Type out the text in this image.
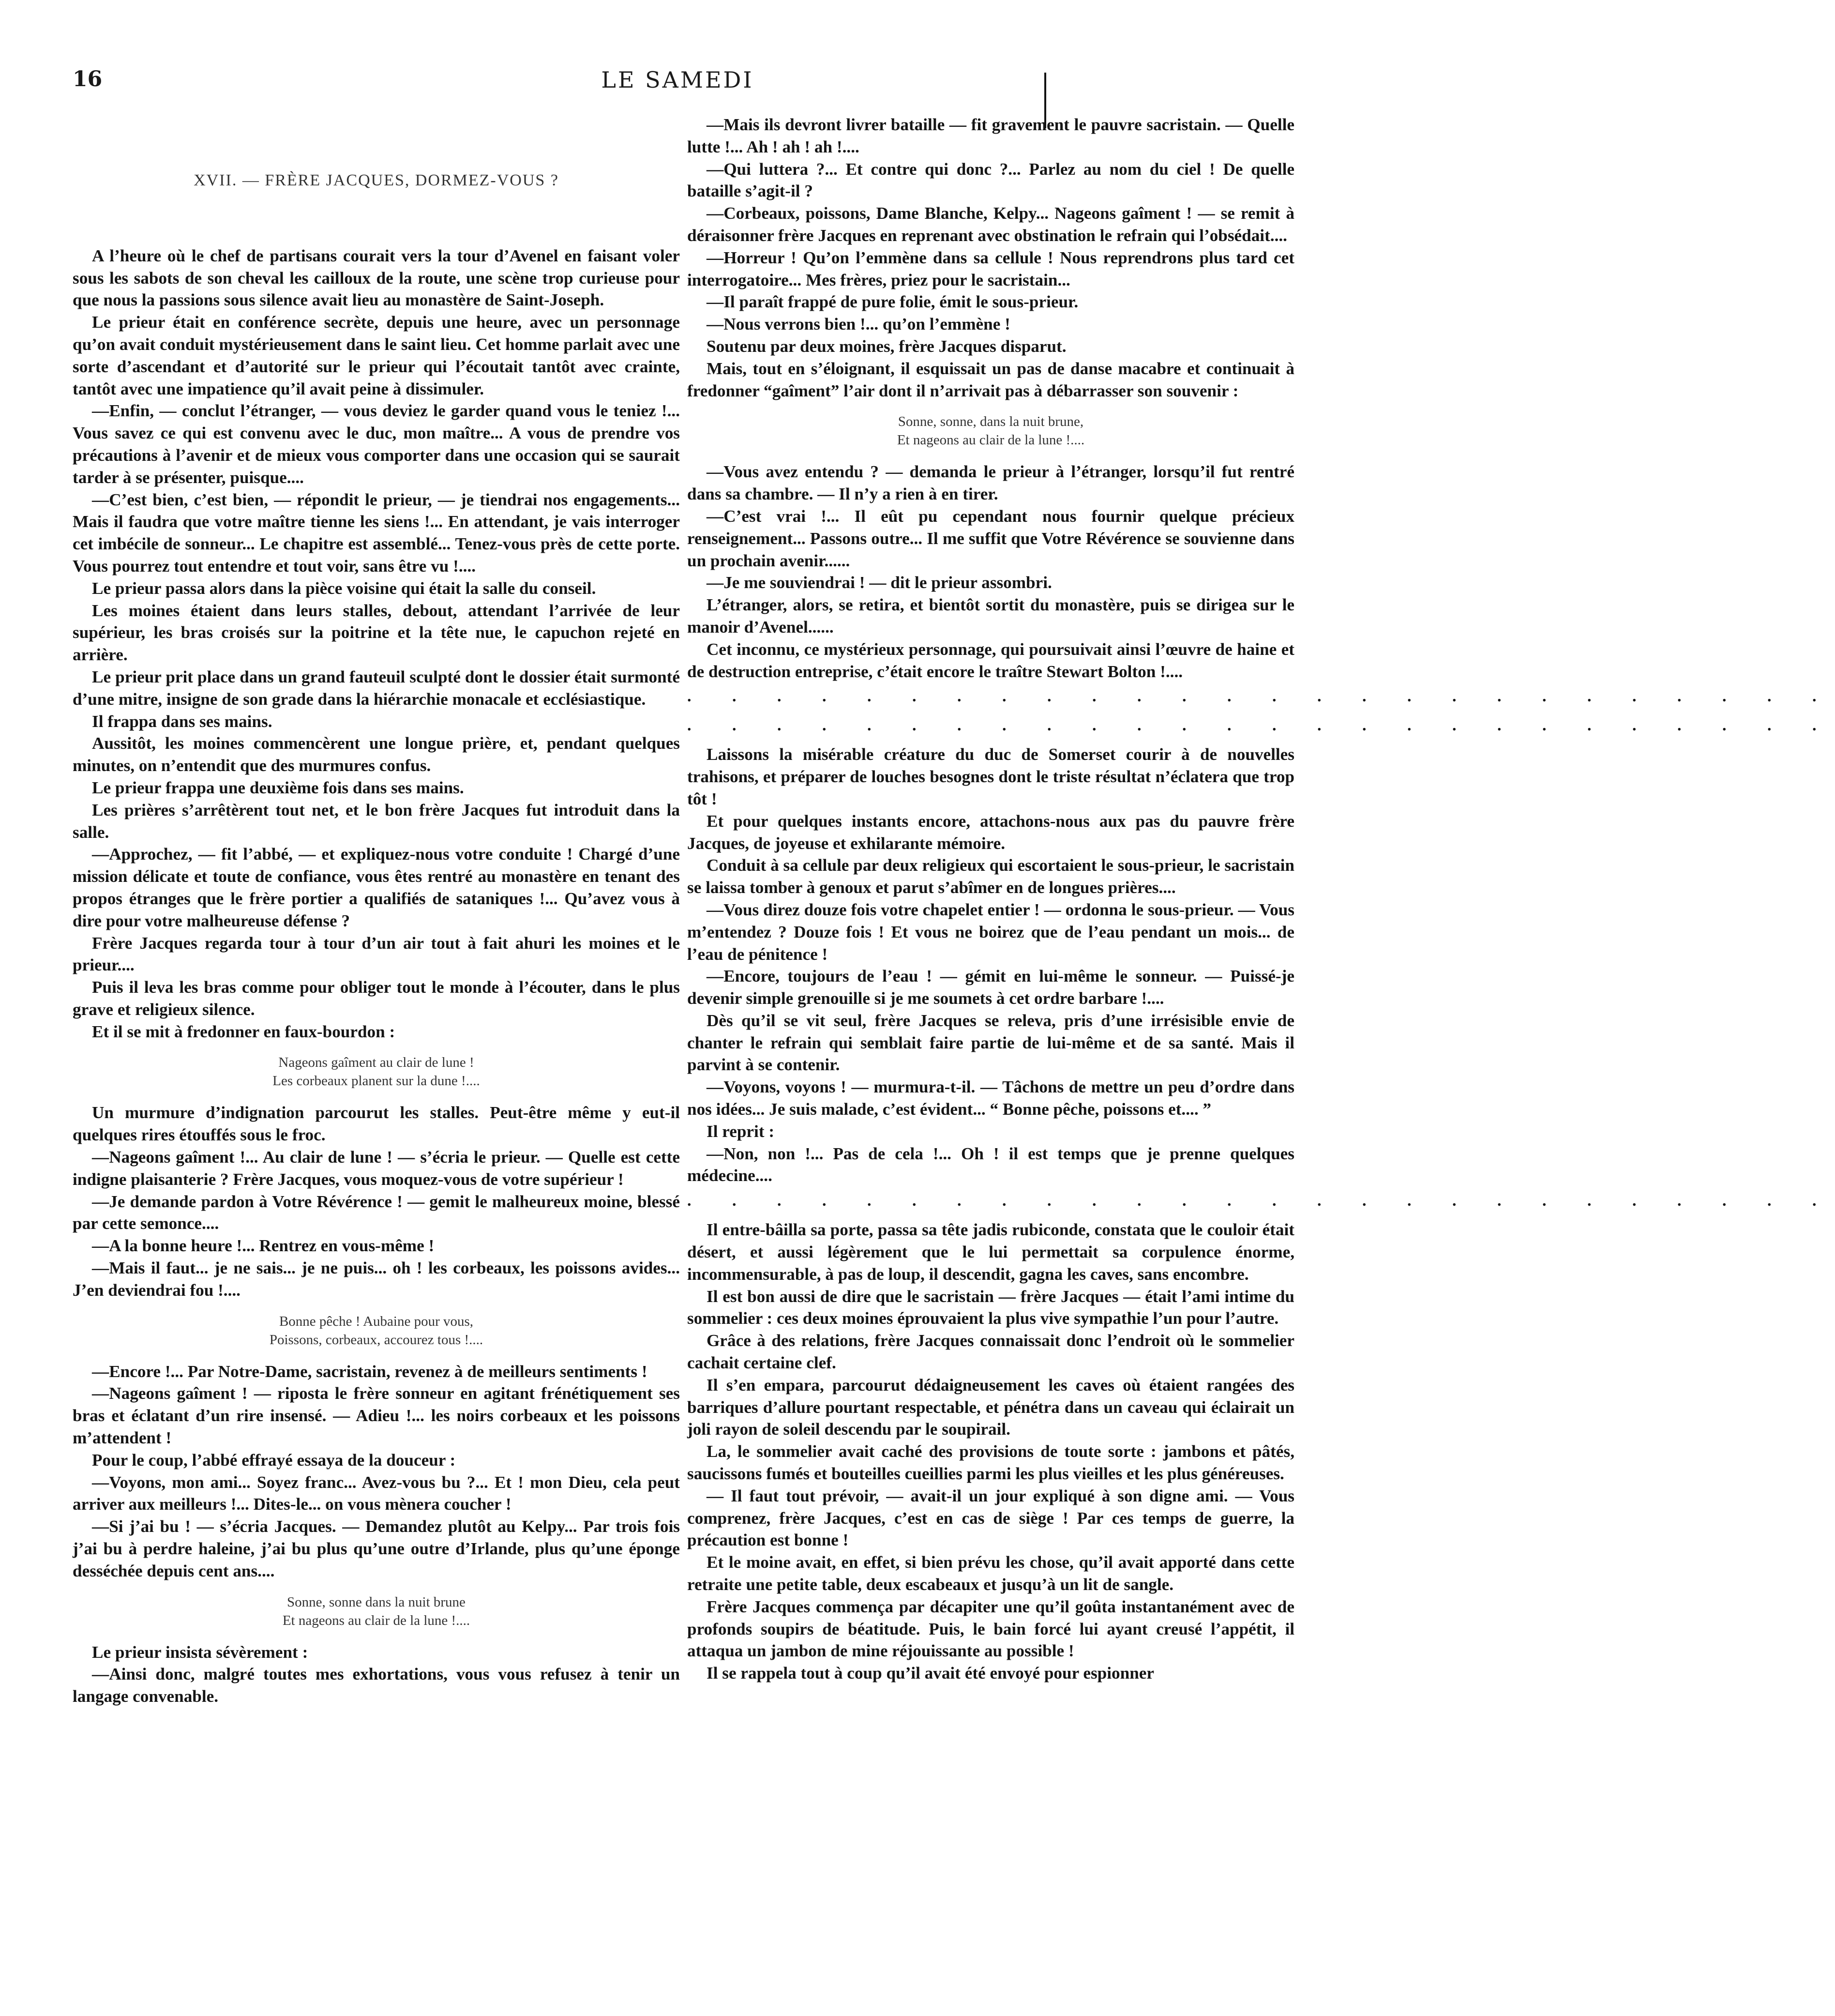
16	LE SAMEDI
XVII. — FRÈRE JACQUES, DORMEZ-VOUS ?

A l’heure où le chef de partisans courait vers la tour d’Avenel en faisant voler sous les sabots de son cheval les cailloux de la route, une scène trop curieuse pour que nous la passions sous silence avait lieu au monastère de Saint-Joseph.

Le prieur était en conférence secrète, depuis une heure, avec un personnage qu’on avait conduit mystérieusement dans le saint lieu. Cet homme parlait avec une sorte d’ascendant et d’autorité sur le prieur qui l’écoutait tantôt avec crainte, tantôt avec une impatience qu’il avait peine à dissimuler.

—Enfin, — conclut l’étranger, — vous deviez le garder quand vous le teniez !... Vous savez ce qui est convenu avec le duc, mon maître... A vous de prendre vos précautions à l’avenir et de mieux vous comporter dans une occasion qui se saurait tarder à se présenter, puisque....

—C’est bien, c’est bien, — répondit le prieur, — je tiendrai nos engagements... Mais il faudra que votre maître tienne les siens !... En attendant, je vais interroger cet imbécile de sonneur... Le chapitre est assemblé... Tenez-vous près de cette porte. Vous pourrez tout entendre et tout voir, sans être vu !....

Le prieur passa alors dans la pièce voisine qui était la salle du conseil.

Les moines étaient dans leurs stalles, debout, attendant l’arrivée de leur supérieur, les bras croisés sur la poitrine et la tête nue, le capuchon rejeté en arrière.

Le prieur prit place dans un grand fauteuil sculpté dont le dossier était surmonté d’une mitre, insigne de son grade dans la hiérarchie monacale et ecclésiastique.

Il frappa dans ses mains.

Aussitôt, les moines commencèrent une longue prière, et, pendant quelques minutes, on n’entendit que des murmures confus.

Le prieur frappa une deuxième fois dans ses mains.

Les prières s’arrêtèrent tout net, et le bon frère Jacques fut introduit dans la salle.

—Approchez, — fit l’abbé, — et expliquez-nous votre conduite ! Chargé d’une mission délicate et toute de confiance, vous êtes rentré au monastère en tenant des propos étranges que le frère portier a qualifiés de sataniques !... Qu’avez vous à dire pour votre malheureuse défense ?

Frère Jacques regarda tour à tour d’un air tout à fait ahuri les moines et le prieur....

Puis il leva les bras comme pour obliger tout le monde à l’écouter, dans le plus grave et religieux silence.

Et il se mit à fredonner en faux-bourdon :

Nageons gaîment au clair de lune !
Les corbeaux planent sur la dune !....

Un murmure d’indignation parcourut les stalles. Peut-être même y eut-il quelques rires étouffés sous le froc.

—Nageons gaîment !... Au clair de lune ! — s’écria le prieur. — Quelle est cette indigne plaisanterie ? Frère Jacques, vous moquez-vous de votre supérieur !

—Je demande pardon à Votre Révérence ! — gemit le malheureux moine, blessé par cette semonce....

—A la bonne heure !... Rentrez en vous-même !

—Mais il faut... je ne sais... je ne puis... oh ! les corbeaux, les poissons avides... J’en deviendrai fou !....

Bonne pêche ! Aubaine pour vous,
Poissons, corbeaux, accourez tous !....

—Encore !... Par Notre-Dame, sacristain, revenez à de meilleurs sentiments !

—Nageons gaîment ! — riposta le frère sonneur en agitant frénétiquement ses bras et éclatant d’un rire insensé. — Adieu !... les noirs corbeaux et les poissons m’attendent !

Pour le coup, l’abbé effrayé essaya de la douceur :

—Voyons, mon ami... Soyez franc... Avez-vous bu ?... Et ! mon Dieu, cela peut arriver aux meilleurs !... Dites-le... on vous mènera coucher !

—Si j’ai bu ! — s’écria Jacques. — Demandez plutôt au Kelpy... Par trois fois j’ai bu à perdre haleine, j’ai bu plus qu’une outre d’Irlande, plus qu’une éponge desséchée depuis cent ans....

Sonne, sonne dans la nuit brune
Et nageons au clair de la lune !....

Le prieur insista sévèrement :

—Ainsi donc, malgré toutes mes exhortations, vous vous refusez à tenir un langage convenable.

—Mais ils devront livrer bataille — fit gravement le pauvre sacristain. — Quelle lutte !... Ah ! ah ! ah !....

—Qui luttera ?... Et contre qui donc ?... Parlez au nom du ciel ! De quelle bataille s’agit-il ?

—Corbeaux, poissons, Dame Blanche, Kelpy... Nageons gaîment ! — se remit à déraisonner frère Jacques en reprenant avec obstination le refrain qui l’obsédait....

—Horreur ! Qu’on l’emmène dans sa cellule ! Nous reprendrons plus tard cet interrogatoire... Mes frères, priez pour le sacristain...

—Il paraît frappé de pure folie, émit le sous-prieur.

—Nous verrons bien !... qu’on l’emmène !

Soutenu par deux moines, frère Jacques disparut.

Mais, tout en s’éloignant, il esquissait un pas de danse macabre et continuait à fredonner “gaîment” l’air dont il n’arrivait pas à débarrasser son souvenir :

Sonne, sonne, dans la nuit brune,
Et nageons au clair de la lune !....

—Vous avez entendu ? — demanda le prieur à l’étranger, lorsqu’il fut rentré dans sa chambre. — Il n’y a rien à en tirer.

—C’est vrai !... Il eût pu cependant nous fournir quelque précieux renseignement... Passons outre... Il me suffit que Votre Révérence se souvienne dans un prochain avenir......

—Je me souviendrai ! — dit le prieur assombri.

L’étranger, alors, se retira, et bientôt sortit du monastère, puis se dirigea sur le manoir d’Avenel......

Cet inconnu, ce mystérieux personnage, qui poursuivait ainsi l’œuvre de haine et de destruction entreprise, c’était encore le traître Stewart Bolton !....

. . . . . . . . . . . . . . . . . . . . . . . . . .
. . . . . . . . . . . . . . . . . . . . . . . . . .

Laissons la misérable créature du duc de Somerset courir à de nouvelles trahisons, et préparer de louches besognes dont le triste résultat n’éclatera que trop tôt !

Et pour quelques instants encore, attachons-nous aux pas du pauvre frère Jacques, de joyeuse et exhilarante mémoire.

Conduit à sa cellule par deux religieux qui escortaient le sous-prieur, le sacristain se laissa tomber à genoux et parut s’abîmer en de longues prières....

—Vous direz douze fois votre chapelet entier ! — ordonna le sous-prieur. — Vous m’entendez ? Douze fois ! Et vous ne boirez que de l’eau pendant un mois... de l’eau de pénitence !

—Encore, toujours de l’eau ! — gémit en lui-même le sonneur. — Puissé-je devenir simple grenouille si je me soumets à cet ordre barbare !....

Dès qu’il se vit seul, frère Jacques se releva, pris d’une irrésisible envie de chanter le refrain qui semblait faire partie de lui-même et de sa santé. Mais il parvint à se contenir.

—Voyons, voyons ! — murmura-t-il. — Tâchons de mettre un peu d’ordre dans nos idées... Je suis malade, c’est évident... “ Bonne pêche, poissons et.... ”

Il reprit :

—Non, non !... Pas de cela !... Oh ! il est temps que je prenne quelques médecine....

. . . . . . . . . . . . . . . . . . . . . . . . . .

Il entre-bâilla sa porte, passa sa tête jadis rubiconde, constata que le couloir était désert, et aussi légèrement que le lui permettait sa corpulence énorme, incommensurable, à pas de loup, il descendit, gagna les caves, sans encombre.

Il est bon aussi de dire que le sacristain — frère Jacques — était l’ami intime du sommelier : ces deux moines éprouvaient la plus vive sympathie l’un pour l’autre.

Grâce à des relations, frère Jacques connaissait donc l’endroit où le sommelier cachait certaine clef.

Il s’en empara, parcourut dédaigneusement les caves où étaient rangées des barriques d’allure pourtant respectable, et pénétra dans un caveau qui éclairait un joli rayon de soleil descendu par le soupirail.

La, le sommelier avait caché des provisions de toute sorte : jambons et pâtés, saucissons fumés et bouteilles cueillies parmi les plus vieilles et les plus généreuses.

— Il faut tout prévoir, — avait-il un jour expliqué à son digne ami. — Vous comprenez, frère Jacques, c’est en cas de siège ! Par ces temps de guerre, la précaution est bonne !

Et le moine avait, en effet, si bien prévu les chose, qu’il avait apporté dans cette retraite une petite table, deux escabeaux et jusqu’à un lit de sangle.

Frère Jacques commença par décapiter une qu’il goûta instantanément avec de profonds soupirs de béatitude. Puis, le bain forcé lui ayant creusé l’appétit, il attaqua un jambon de mine réjouissante au possible !

Il se rappela tout à coup qu’il avait été envoyé pour espionner
